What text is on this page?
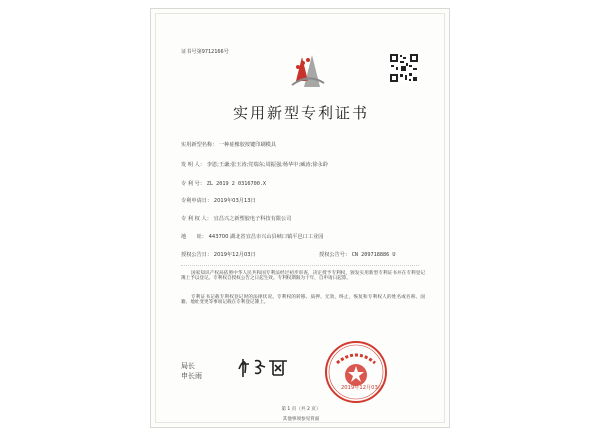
证书号第9712166号
实用新型专利证书
实用新型名称： 一种硅橡胶按键印刷模具
发 明 人： 李恩;王谦;张玉涛;党瑞东;周振强;杨华中;臧涛;徐永聆
专 利 号： ZL 2019 2 0316700.X
专利申请日： 2019年03月13日
专 利 权 人： 宜昌兴之新塑胶电子科技有限公司
地　　址： 443700 湖北省宜昌市兴山县峡口镇平邑口工业园
授权公告日： 2019年12月03日	授权公告号： CN 209718886 U
国家知识产权局依照中华人民共和国专利法经过初步审查，决定授予专利权，颁发实用新型专利证书并在专利登记簿上予以登记。专利权自授权公告之日起生效。专利权期限为十年，自申请日起算。
专利证书记载专利权登记时的法律状况。专利权的转移、质押、无效、终止、恢复和专利权人的姓名或名称、国籍、地址变更等事项记载在专利登记簿上。
局长
申长雨
2019年12月03日
第 1 页（共 2 页）
其他事项参见背面
